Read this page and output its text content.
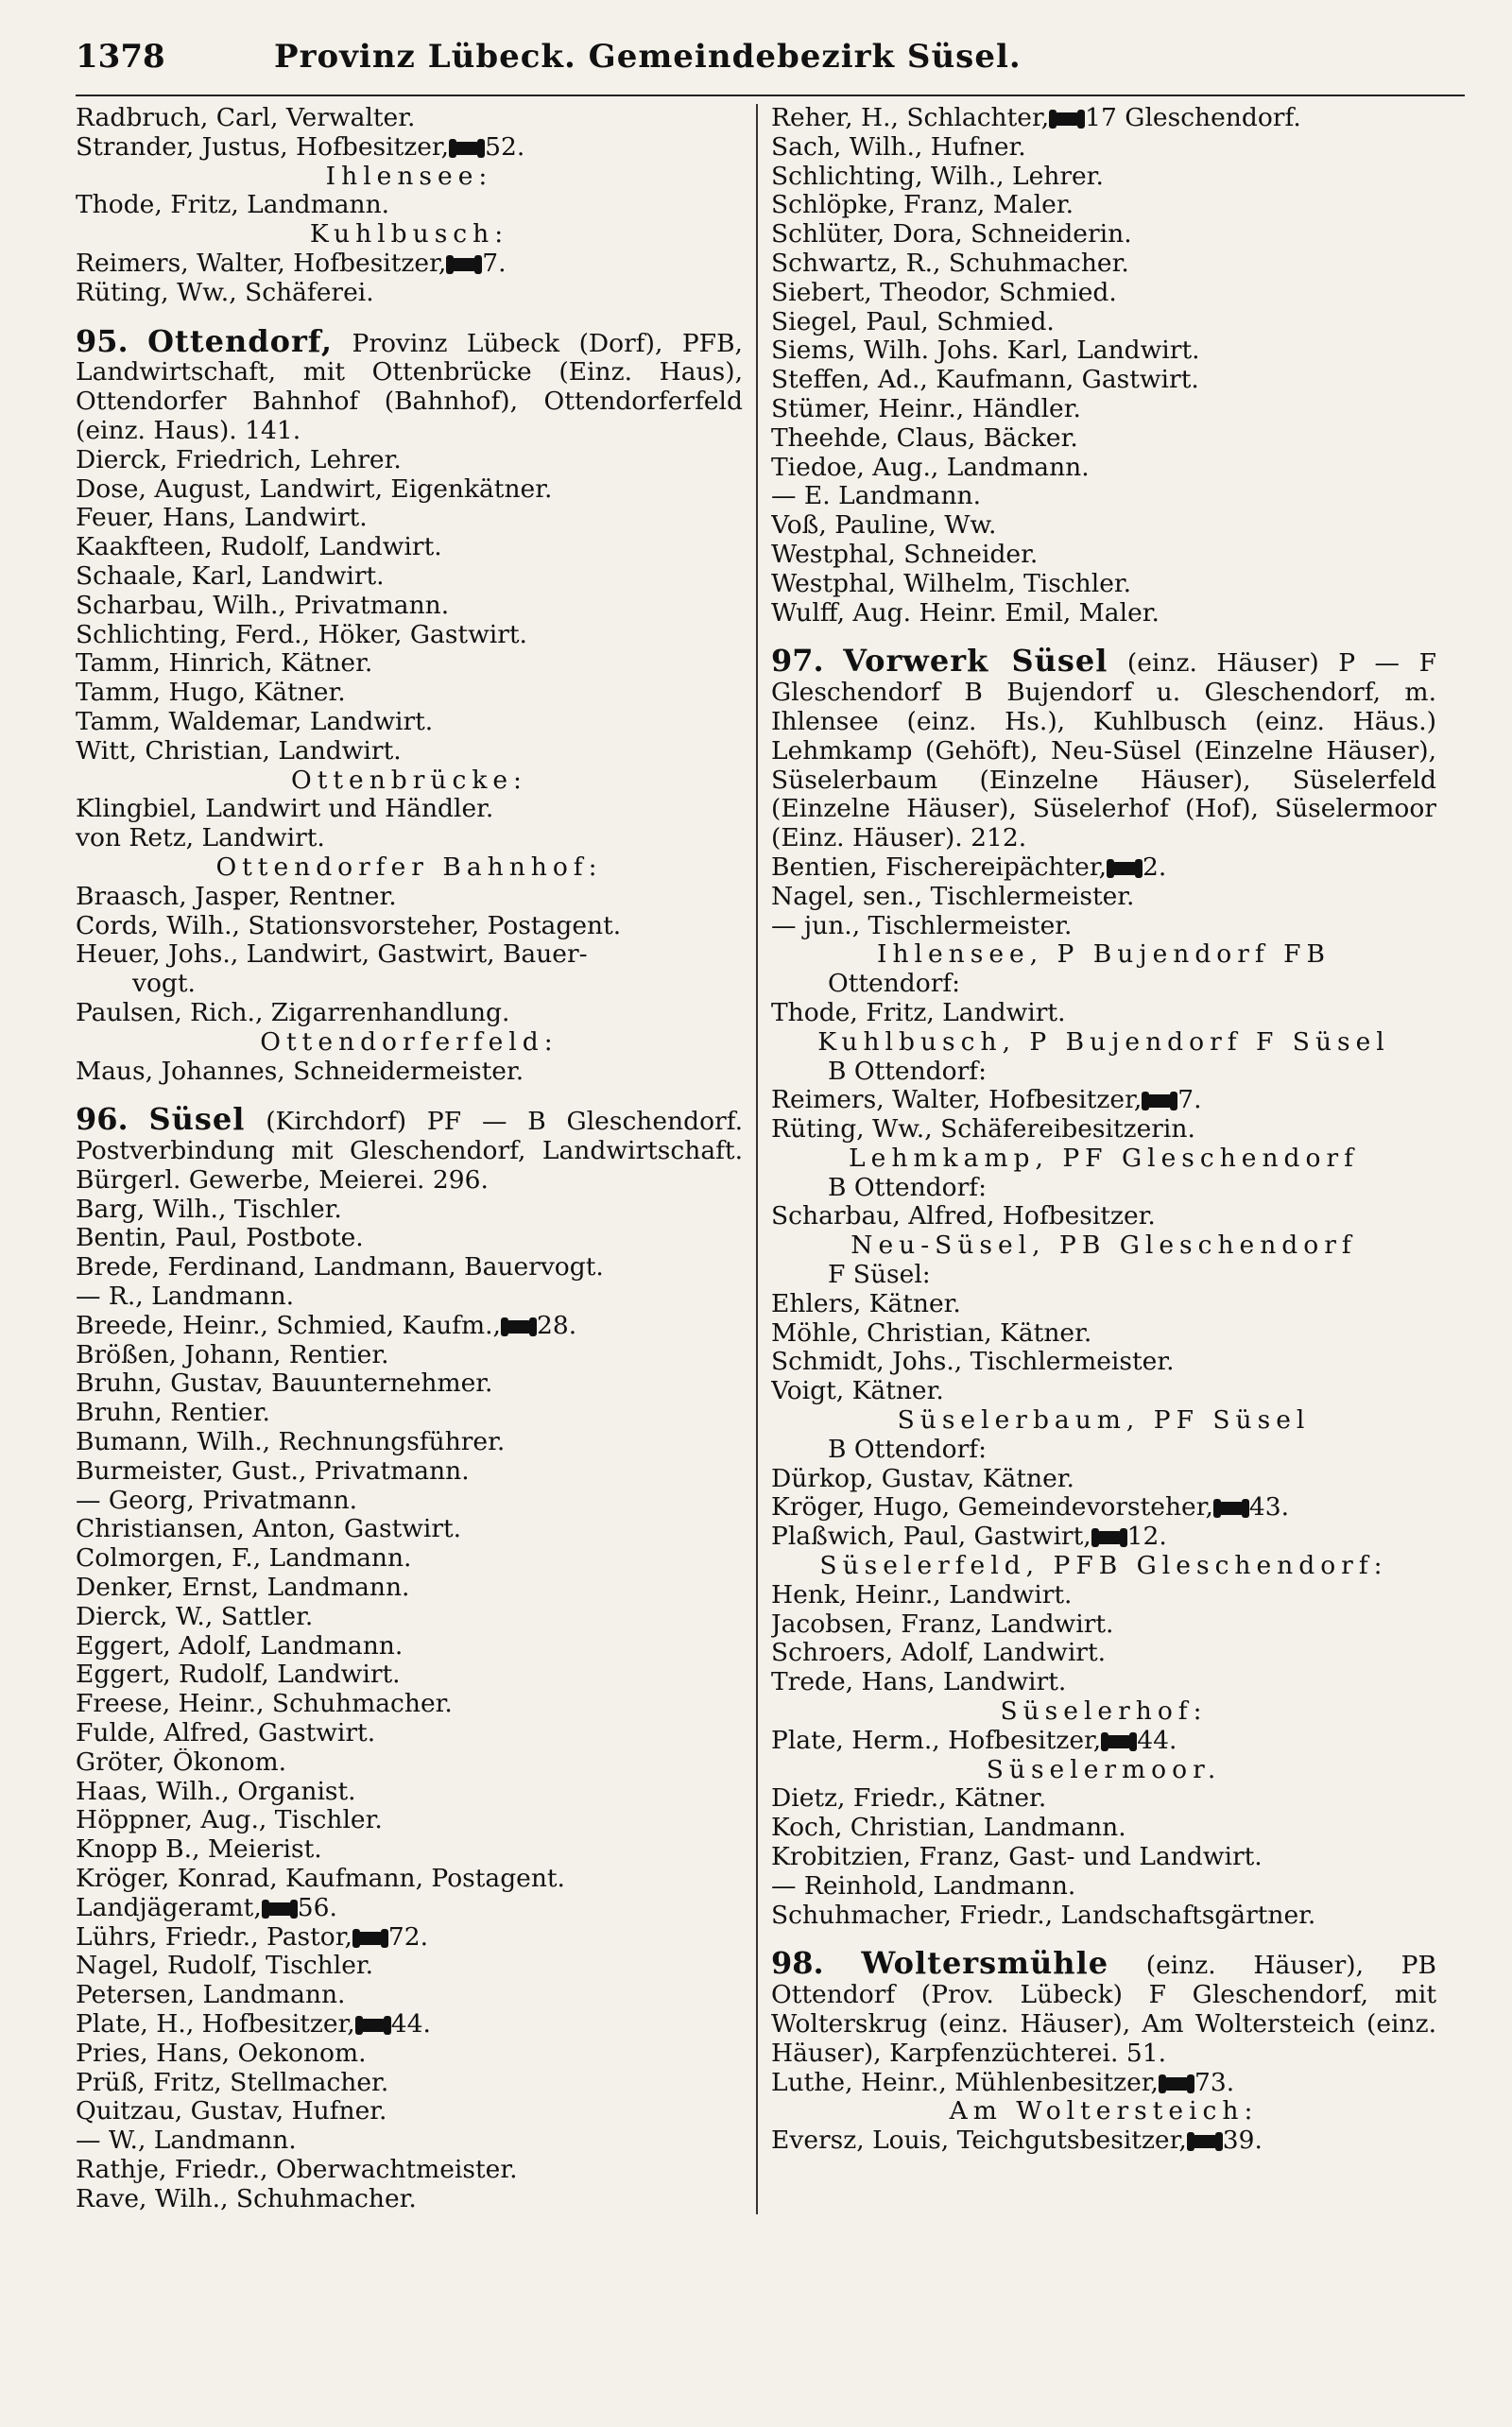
1378	Provinz Lübeck. Gemeindebezirk Süsel.
Radbruch, Carl, Verwalter.
Strander, Justus, Hofbesitzer, 52.
Ihlensee:
Thode, Fritz, Landmann.
Kuhlbusch:
Reimers, Walter, Hofbesitzer, 7.
Rüting, Ww., Schäferei.
95. Ottendorf, Provinz Lübeck (Dorf), PFB, Landwirtschaft, mit Ottenbrücke (Einz. Haus), Ottendorfer Bahnhof (Bahnhof), Ottendorferfeld (einz. Haus). 141.
Dierck, Friedrich, Lehrer.
Dose, August, Landwirt, Eigenkätner.
Feuer, Hans, Landwirt.
Kaakfteen, Rudolf, Landwirt.
Schaale, Karl, Landwirt.
Scharbau, Wilh., Privatmann.
Schlichting, Ferd., Höker, Gastwirt.
Tamm, Hinrich, Kätner.
Tamm, Hugo, Kätner.
Tamm, Waldemar, Landwirt.
Witt, Christian, Landwirt.
Ottenbrücke:
Klingbiel, Landwirt und Händler.
von Retz, Landwirt.
Ottendorfer Bahnhof:
Braasch, Jasper, Rentner.
Cords, Wilh., Stationsvorsteher, Postagent.
Heuer, Johs., Landwirt, Gastwirt, Bauer-
vogt.
Paulsen, Rich., Zigarrenhandlung.
Ottendorferfeld:
Maus, Johannes, Schneidermeister.
96. Süsel (Kirchdorf) PF — B Gleschendorf. Postverbindung mit Gleschendorf, Landwirtschaft. Bürgerl. Gewerbe, Meierei. 296.
Barg, Wilh., Tischler.
Bentin, Paul, Postbote.
Brede, Ferdinand, Landmann, Bauervogt.
— R., Landmann.
Breede, Heinr., Schmied, Kaufm., 28.
Brößen, Johann, Rentier.
Bruhn, Gustav, Bauunternehmer.
Bruhn, Rentier.
Bumann, Wilh., Rechnungsführer.
Burmeister, Gust., Privatmann.
— Georg, Privatmann.
Christiansen, Anton, Gastwirt.
Colmorgen, F., Landmann.
Denker, Ernst, Landmann.
Dierck, W., Sattler.
Eggert, Adolf, Landmann.
Eggert, Rudolf, Landwirt.
Freese, Heinr., Schuhmacher.
Fulde, Alfred, Gastwirt.
Gröter, Ökonom.
Haas, Wilh., Organist.
Höppner, Aug., Tischler.
Knopp B., Meierist.
Kröger, Konrad, Kaufmann, Postagent.
Landjägeramt, 56.
Lührs, Friedr., Pastor, 72.
Nagel, Rudolf, Tischler.
Petersen, Landmann.
Plate, H., Hofbesitzer, 44.
Pries, Hans, Oekonom.
Prüß, Fritz, Stellmacher.
Quitzau, Gustav, Hufner.
— W., Landmann.
Rathje, Friedr., Oberwachtmeister.
Rave, Wilh., Schuhmacher.
Reher, H., Schlachter, 17 Gleschendorf.
Sach, Wilh., Hufner.
Schlichting, Wilh., Lehrer.
Schlöpke, Franz, Maler.
Schlüter, Dora, Schneiderin.
Schwartz, R., Schuhmacher.
Siebert, Theodor, Schmied.
Siegel, Paul, Schmied.
Siems, Wilh. Johs. Karl, Landwirt.
Steffen, Ad., Kaufmann, Gastwirt.
Stümer, Heinr., Händler.
Theehde, Claus, Bäcker.
Tiedoe, Aug., Landmann.
— E. Landmann.
Voß, Pauline, Ww.
Westphal, Schneider.
Westphal, Wilhelm, Tischler.
Wulff, Aug. Heinr. Emil, Maler.
97. Vorwerk Süsel (einz. Häuser) P — F Gleschendorf B Bujendorf u. Gleschendorf, m. Ihlensee (einz. Hs.), Kuhlbusch (einz. Häus.) Lehmkamp (Gehöft), Neu-Süsel (Einzelne Häuser), Süselerbaum (Einzelne Häuser), Süselerfeld (Einzelne Häuser), Süselerhof (Hof), Süselermoor (Einz. Häuser). 212.
Bentien, Fischereipächter, 2.
Nagel, sen., Tischlermeister.
— jun., Tischlermeister.
Ihlensee, P Bujendorf FB
Ottendorf:
Thode, Fritz, Landwirt.
Kuhlbusch, P Bujendorf F Süsel
B Ottendorf:
Reimers, Walter, Hofbesitzer, 7.
Rüting, Ww., Schäfereibesitzerin.
Lehmkamp, PF Gleschendorf
B Ottendorf:
Scharbau, Alfred, Hofbesitzer.
Neu-Süsel, PB Gleschendorf
F Süsel:
Ehlers, Kätner.
Möhle, Christian, Kätner.
Schmidt, Johs., Tischlermeister.
Voigt, Kätner.
Süselerbaum, PF Süsel
B Ottendorf:
Dürkop, Gustav, Kätner.
Kröger, Hugo, Gemeindevorsteher, 43.
Plaßwich, Paul, Gastwirt, 12.
Süselerfeld, PFB Gleschendorf:
Henk, Heinr., Landwirt.
Jacobsen, Franz, Landwirt.
Schroers, Adolf, Landwirt.
Trede, Hans, Landwirt.
Süselerhof:
Plate, Herm., Hofbesitzer, 44.
Süselermoor.
Dietz, Friedr., Kätner.
Koch, Christian, Landmann.
Krobitzien, Franz, Gast- und Landwirt.
— Reinhold, Landmann.
Schuhmacher, Friedr., Landschaftsgärtner.
98. Woltersmühle (einz. Häuser), PB Ottendorf (Prov. Lübeck) F Gleschendorf, mit Wolterskrug (einz. Häuser), Am Woltersteich (einz. Häuser), Karpfenzüchterei. 51.
Luthe, Heinr., Mühlenbesitzer, 73.
Am Woltersteich:
Eversz, Louis, Teichgutsbesitzer, 39.
